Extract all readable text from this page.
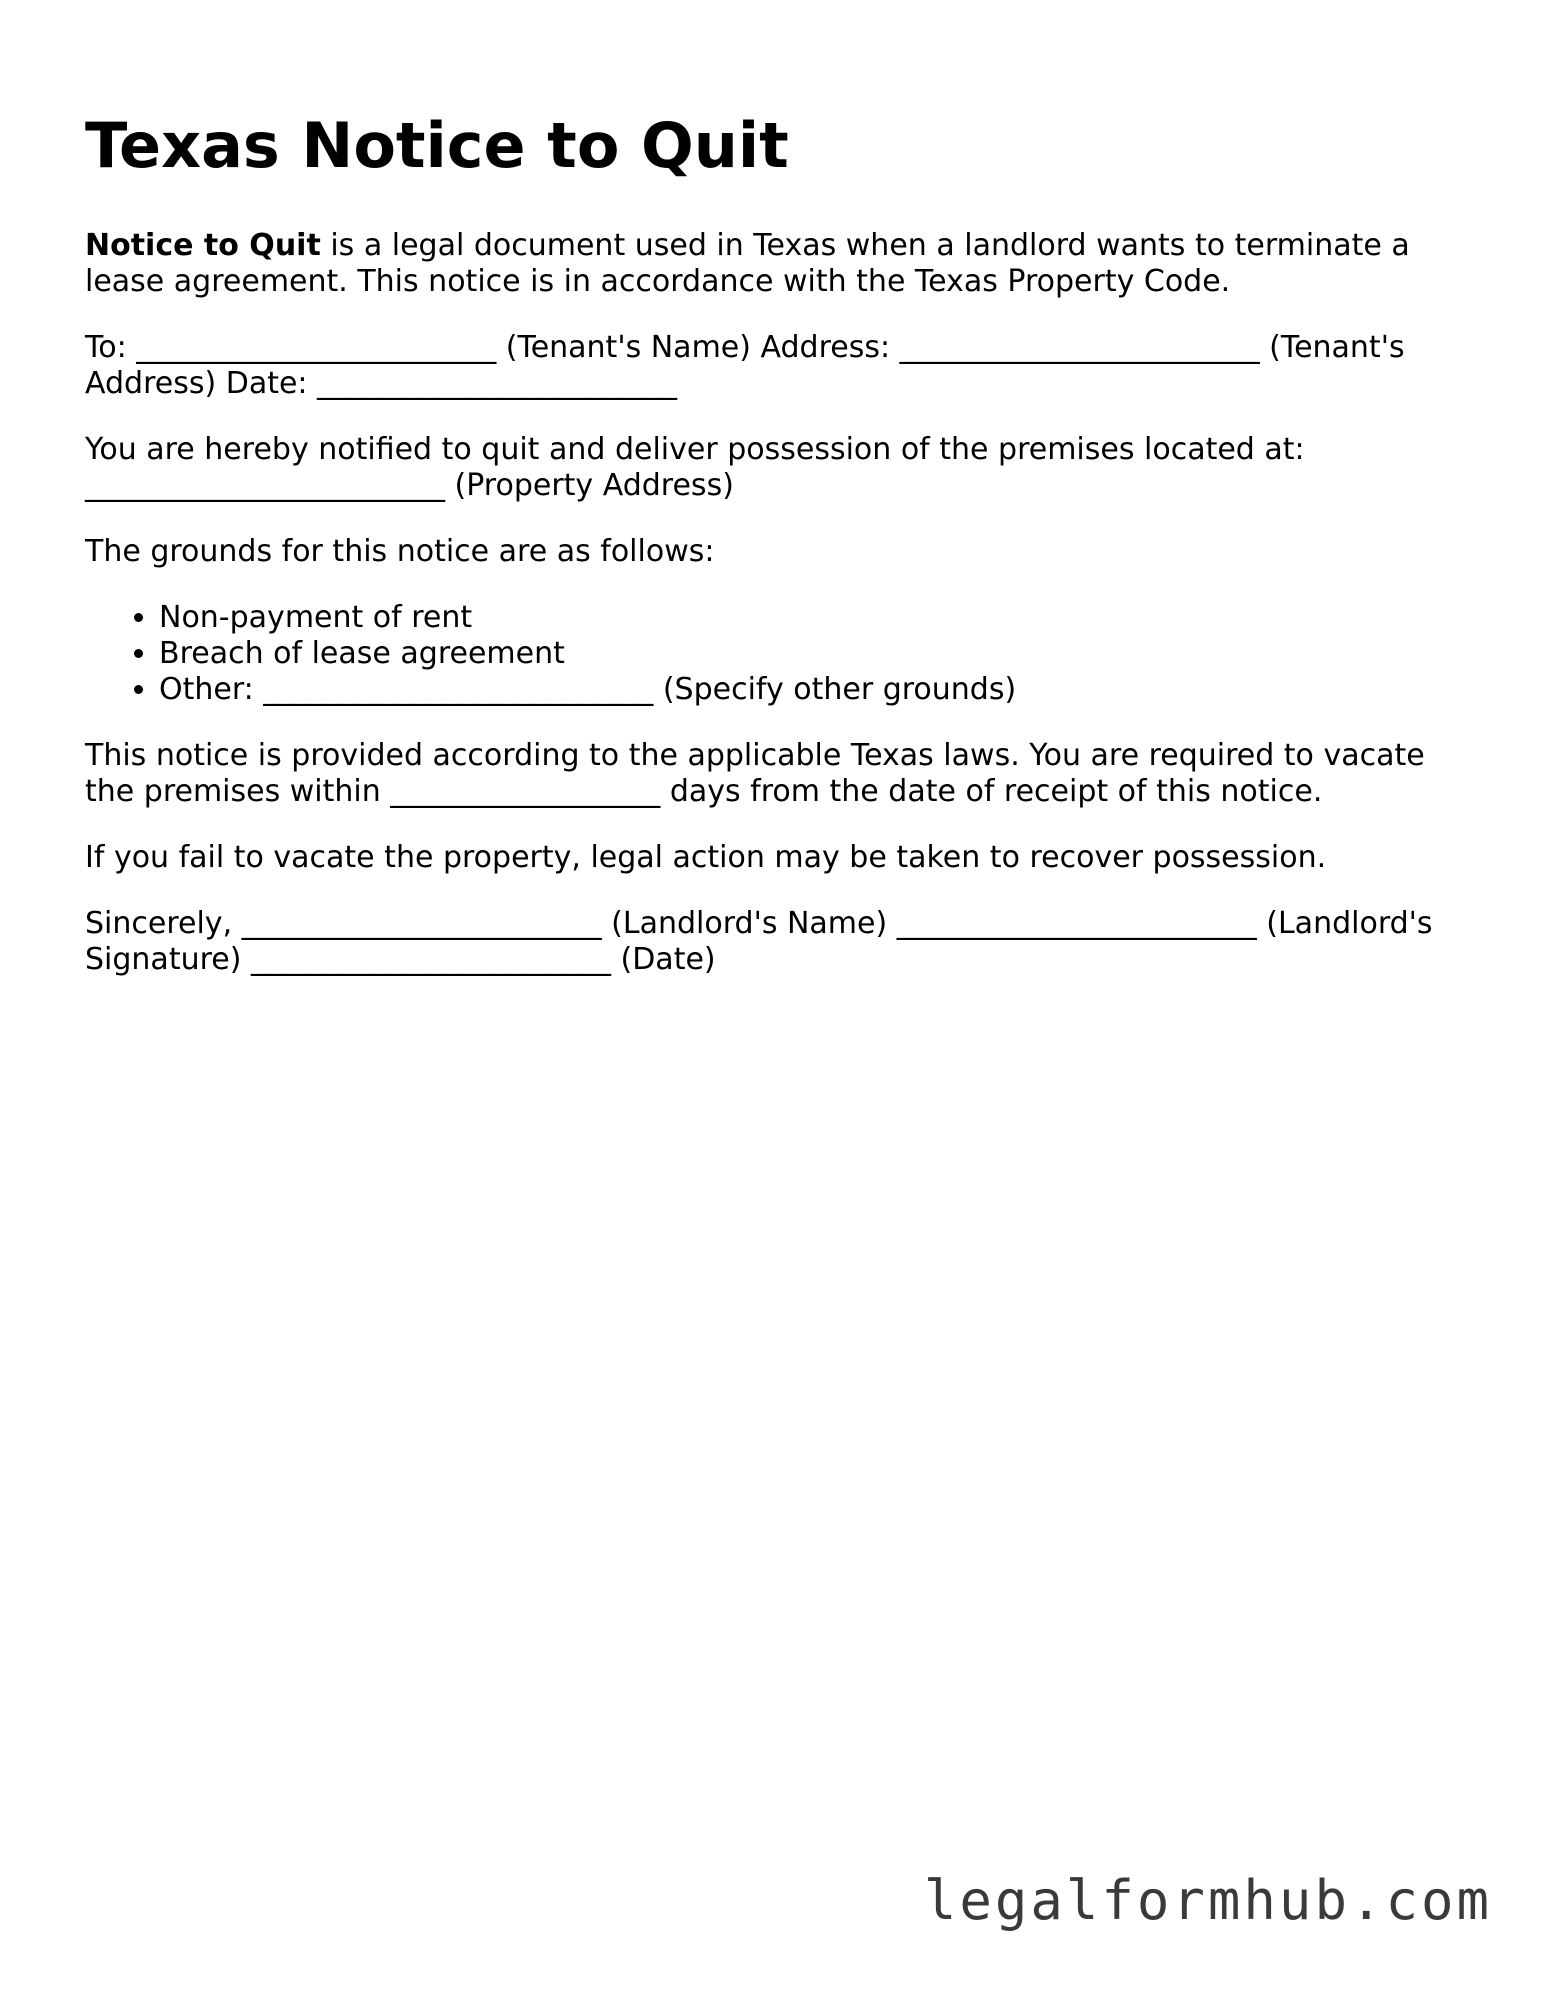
Texas Notice to Quit

Notice to Quit is a legal document used in Texas when a landlord wants to terminate a lease agreement. This notice is in accordance with the Texas Property Code.

To: ________________________ (Tenant's Name) Address: ________________________ (Tenant's Address) Date: ________________________

You are hereby notified to quit and deliver possession of the premises located at: ________________________ (Property Address)

The grounds for this notice are as follows:

• Non-payment of rent
• Breach of lease agreement
• Other: __________________________ (Specify other grounds)

This notice is provided according to the applicable Texas laws. You are required to vacate the premises within __________________ days from the date of receipt of this notice.

If you fail to vacate the property, legal action may be taken to recover possession.

Sincerely, ________________________ (Landlord's Name) ________________________ (Landlord's Signature) ________________________ (Date)

legalformhub.com
